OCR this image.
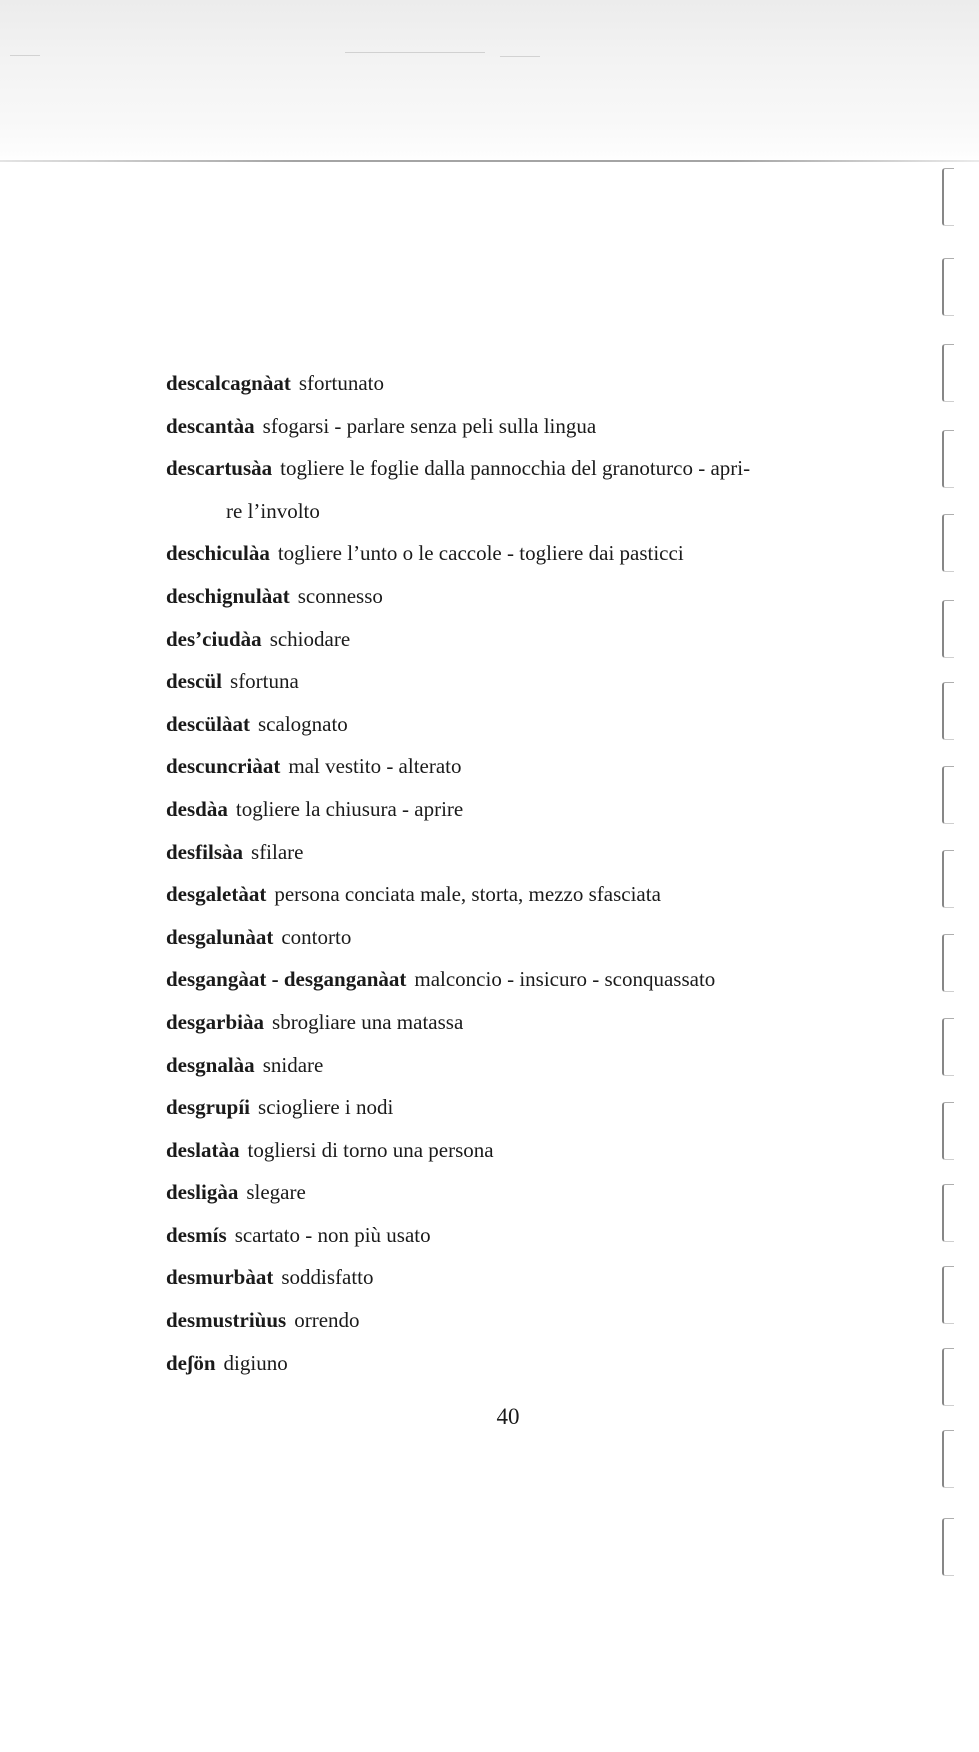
descalcagnàat sfortunato
descantàa sfogarsi - parlare senza peli sulla lingua
descartusàa togliere le foglie dalla pannocchia del granoturco - apri-
re l’involto
deschiculàa togliere l’unto o le caccole - togliere dai pasticci
deschignulàat sconnesso
des’ciudàa schiodare
descül sfortuna
descülàat scalognato
descuncriàat mal vestito - alterato
desdàa togliere la chiusura - aprire
desfilsàa sfilare
desgaletàat persona conciata male, storta, mezzo sfasciata
desgalunàat contorto
desgangàat - desganganàat malconcio - insicuro - sconquassato
desgarbiàa sbrogliare una matassa
desgnalàa snidare
desgrupíi sciogliere i nodi
deslatàa togliersi di torno una persona
desligàa slegare
desmís scartato - non più usato
desmurbàat soddisfatto
desmustriùus orrendo
deʃön digiuno
40
